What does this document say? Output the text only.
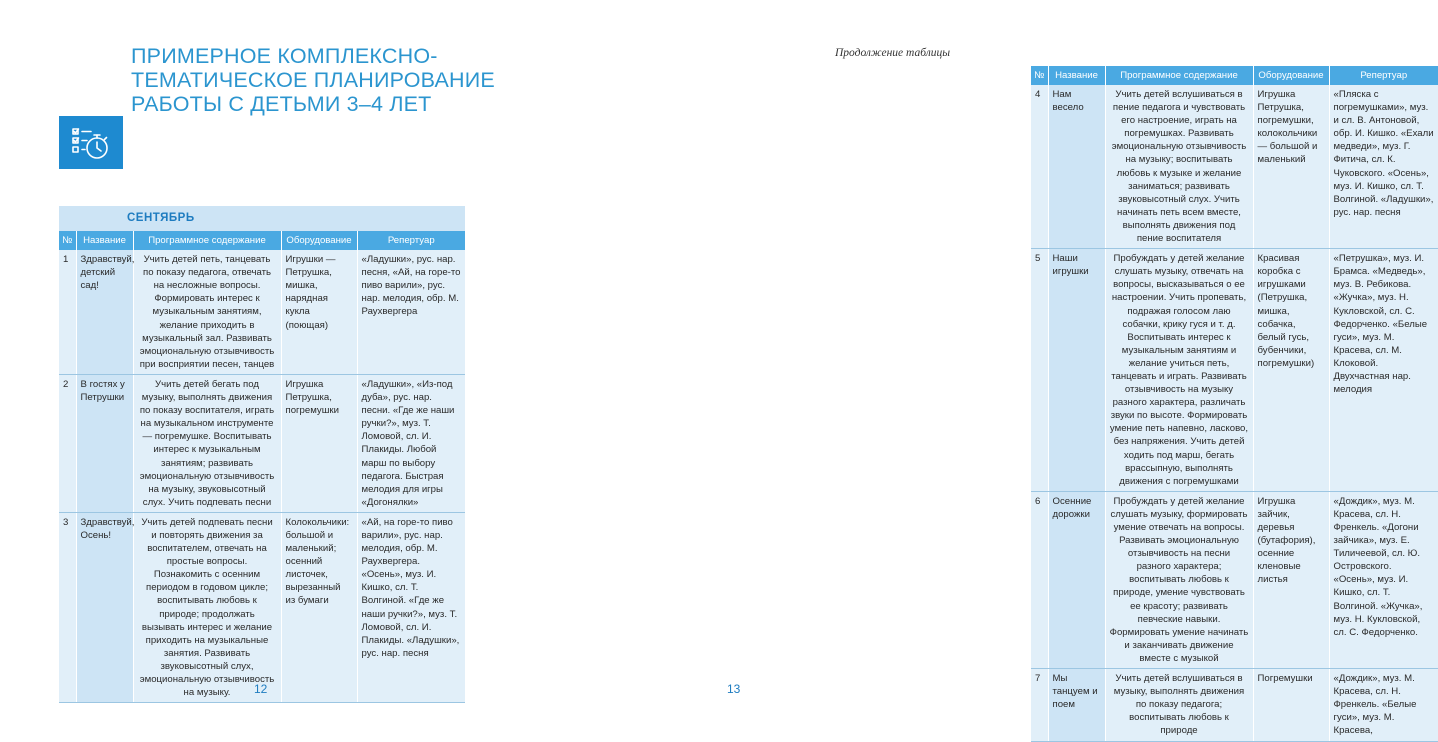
ПРИМЕРНОЕ КОМПЛЕКСНО-
ТЕМАТИЧЕСКОЕ ПЛАНИРОВАНИЕ
РАБОТЫ С ДЕТЬМИ 3–4 ЛЕТ
СЕНТЯБРЬ				
№	Название	Программное содержание	Оборудование	Репертуар
1	Здравствуй, детский сад!	Учить детей петь, танцевать по показу педагога, отвечать на несложные вопросы. Формировать интерес к музыкальным занятиям, желание приходить в музыкальный зал. Развивать эмоциональную отзывчивость при восприятии песен, танцев	Игрушки — Петрушка, мишка, нарядная кукла (поющая)	«Ладушки», рус. нар. песня, «Ай, на горе-то пиво варили», рус. нар. мелодия, обр. М. Раухвергера
2	В гостях у Петрушки	Учить детей бегать под музыку, выполнять движения по показу воспитателя, играть на музыкальном инструменте — погремушке. Воспитывать интерес к музыкальным занятиям; развивать эмоциональную отзывчивость на музыку, звуковысотный слух. Учить подпевать песни	Игрушка Петрушка, погремушки	«Ладушки», «Из-под дуба», рус. нар. песни. «Где же наши ручки?», муз. Т. Ломовой, сл. И. Плакиды. Любой марш по выбору педагога. Быстрая мелодия для игры «Догонялки»
3	Здравствуй, Осень!	Учить детей подпевать песни и повторять движения за воспитателем, отвечать на простые вопросы. Познакомить с осенним периодом в годовом цикле; воспитывать любовь к природе; продолжать вызывать интерес и желание приходить на музыкальные занятия. Развивать звуковысотный слух, эмоциональную отзывчивость на музыку.	Колокольчики: большой и маленький; осенний листочек, вырезанный из бумаги	«Ай, на горе-то пиво варили», рус. нар. мелодия, обр. М. Раухвергера. «Осень», муз. И. Кишко, сл. Т. Волгиной. «Где же наши ручки?», муз. Т. Ломовой, сл. И. Плакиды. «Ладушки», рус. нар. песня
12
Продолжение таблицы
№	Название	Программное содержание	Оборудование	Репертуар
4	Нам весело	Учить детей вслушиваться в пение педагога и чувствовать его настроение, играть на погремушках. Развивать эмоциональную отзывчивость на музыку; воспитывать любовь к музыке и желание заниматься; развивать звуковысотный слух. Учить начинать петь всем вместе, выполнять движения под пение воспитателя	Игрушка Петрушка, погремушки, колокольчики — большой и маленький	«Пляска с погремушками», муз. и сл. В. Антоновой, обр. И. Кишко. «Ехали медведи», муз. Г. Фитича, сл. К. Чуковского. «Осень», муз. И. Кишко, сл. Т. Волгиной. «Ладушки», рус. нар. песня
5	Наши игрушки	Пробуждать у детей желание слушать музыку, отвечать на вопросы, высказываться о ее настроении. Учить пропевать, подражая голосом лаю собачки, крику гуся и т. д. Воспитывать интерес к музыкальным занятиям и желание учиться петь, танцевать и играть. Развивать отзывчивость на музыку разного характера, различать звуки по высоте. Формировать умение петь напевно, ласково, без напряжения. Учить детей ходить под марш, бегать врассыпную, выполнять движения с погремушками	Красивая коробка с игрушками (Петрушка, мишка, собачка, белый гусь, бубенчики, погремушки)	«Петрушка», муз. И. Брамса. «Медведь», муз. В. Ребикова. «Жучка», муз. Н. Кукловской, сл. С. Федорченко. «Белые гуси», муз. М. Красева, сл. М. Клоковой. Двухчастная нар. мелодия
6	Осенние дорожки	Пробуждать у детей желание слушать музыку, формировать умение отвечать на вопросы. Развивать эмоциональную отзывчивость на песни разного характера; воспитывать любовь к природе, умение чувствовать ее красоту; развивать певческие навыки. Формировать умение начинать и заканчивать движение вместе с музыкой	Игрушка зайчик, деревья (бутафория), осенние кленовые листья	«Дождик», муз. М. Красева, сл. Н. Френкель. «Догони зайчика», муз. Е. Тиличеевой, сл. Ю. Островского. «Осень», муз. И. Кишко, сл. Т. Волгиной. «Жучка», муз. Н. Кукловской, сл. С. Федорченко.
7	Мы танцуем и поем	Учить детей вслушиваться в музыку, выполнять движения по показу педагога; воспитывать любовь к природе	Погремушки	«Дождик», муз. М. Красева, сл. Н. Френкель. «Белые гуси», муз. М. Красева,
13
